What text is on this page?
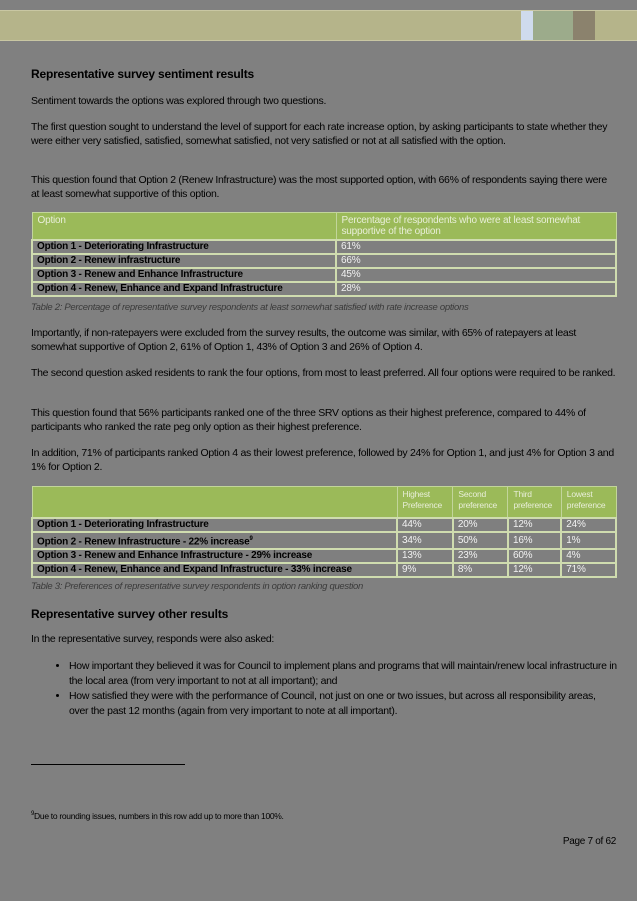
Representative survey sentiment results

Sentiment towards the options was explored through two questions.

The first question sought to understand the level of support for each rate increase option, by asking participants to state whether they were either very satisfied, satisfied, somewhat satisfied, not very satisfied or not at all satisfied with the option.

This question found that Option 2 (Renew Infrastructure) was the most supported option, with 66% of respondents saying there were at least somewhat supportive of this option.

Option	Percentage of respondents who were at least somewhat supportive of the option
Option 1 - Deteriorating Infrastructure	61%
Option 2 - Renew infrastructure	66%
Option 3 - Renew and Enhance Infrastructure	45%
Option 4 - Renew, Enhance and Expand Infrastructure	28%

Table 2: Percentage of representative survey respondents at least somewhat satisfied with rate increase options

Importantly, if non-ratepayers were excluded from the survey results, the outcome was similar, with 65% of ratepayers at least somewhat supportive of Option 2, 61% of Option 1, 43% of Option 3 and 26% of Option 4.

The second question asked residents to rank the four options, from most to least preferred. All four options were required to be ranked.

This question found that 56% participants ranked one of the three SRV options as their highest preference, compared to 44% of participants who ranked the rate peg only option as their highest preference.

In addition, 71% of participants ranked Option 4 as their lowest preference, followed by 24% for Option 1, and just 4% for Option 3 and 1% for Option 2.

	Highest Preference	Second preference	Third preference	Lowest preference
Option 1 - Deteriorating Infrastructure	44%	20%	12%	24%
Option 2 - Renew Infrastructure - 22% increase$^9$	34%	50%	16%	1%
Option 3 - Renew and Enhance Infrastructure - 29% increase	13%	23%	60%	4%
Option 4 - Renew, Enhance and Expand Infrastructure - 33% increase	9%	8%	12%	71%

Table 3: Preferences of representative survey respondents in option ranking question

Representative survey other results

In the representative survey, responds were also asked:

• How important they believed it was for Council to implement plans and programs that will maintain/renew local infrastructure in the local area (from very important to not at all important); and
• How satisfied they were with the performance of Council, not just on one or two issues, but across all responsibility areas, over the past 12 months (again from very important to note at all important).
$^9$Due to rounding issues, numbers in this row add up to more than 100%.
Page 7 of 62
